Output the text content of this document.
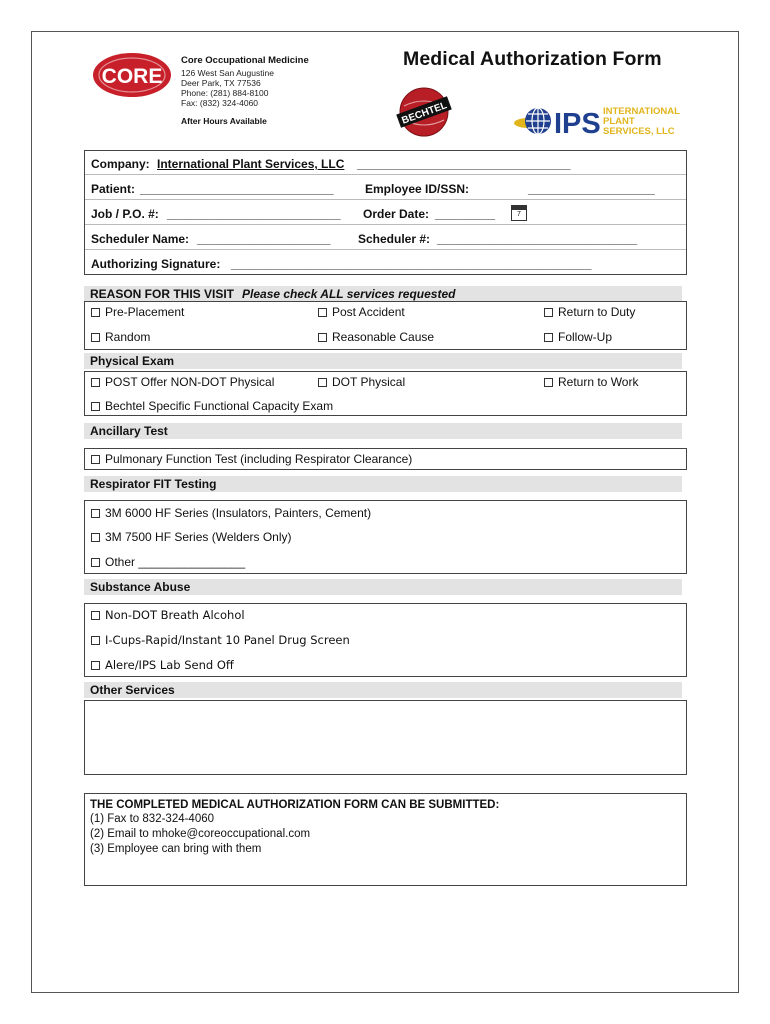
CORE
Core Occupational Medicine
126 West San Augustine
Deer Park, TX 77536
Phone: (281) 884-8100
Fax: (832) 324-4060
After Hours Available
Medical Authorization Form
BECHTEL	IPS INTERNATIONAL
PLANT
SERVICES, LLC
Company: International Plant Services, LLC ________________________________
Patient: _____________________________	Employee ID/SSN:	___________________
Job / P.O. #: __________________________ Order Date: _________	7
Scheduler Name: ____________________ Scheduler #: ______________________________
Authorizing Signature: ______________________________________________________
REASON FOR THIS VISIT Please check ALL services requested
Pre-Placement	Post Accident	Return to Duty
Random	Reasonable Cause	Follow-Up
Physical Exam
POST Offer NON-DOT Physical	DOT Physical	Return to Work
Bechtel Specific Functional Capacity Exam
Ancillary Test
Pulmonary Function Test (including Respirator Clearance)
Respirator FIT Testing
3M 6000 HF Series (Insulators, Painters, Cement)
3M 7500 HF Series (Welders Only)
Other ________________
Substance Abuse
Non-DOT Breath Alcohol
I-Cups-Rapid/Instant 10 Panel Drug Screen
Alere/IPS Lab Send Off
Other Services
THE COMPLETED MEDICAL AUTHORIZATION FORM CAN BE SUBMITTED:
(1) Fax to 832-324-4060
(2) Email to mhoke@coreoccupational.com
(3) Employee can bring with them
